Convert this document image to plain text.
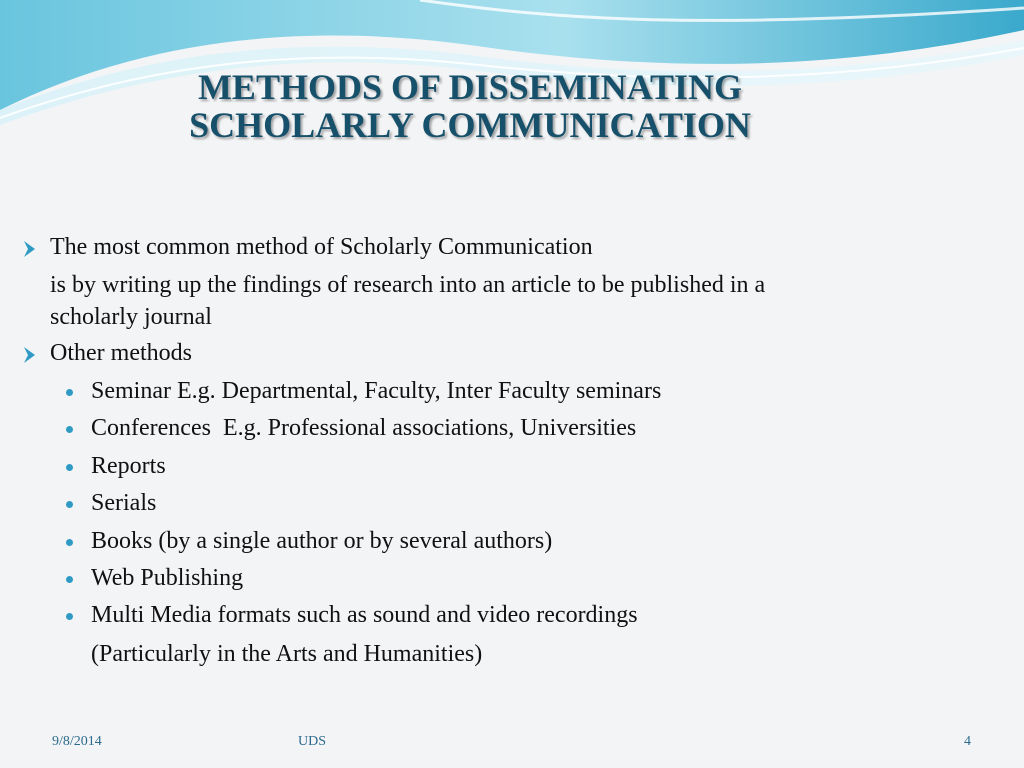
METHODS OF DISSEMINATING
SCHOLARLY COMMUNICATION
The most common method of Scholarly Communication
is by writing up the findings of research into an article to be published in a
scholarly journal
Other methods
Seminar E.g. Departmental, Faculty, Inter Faculty seminars
Conferences  E.g. Professional associations, Universities
Reports
Serials
Books (by a single author or by several authors)
Web Publishing
Multi Media formats such as sound and video recordings
(Particularly in the Arts and Humanities)
9/8/2014	UDS	4
